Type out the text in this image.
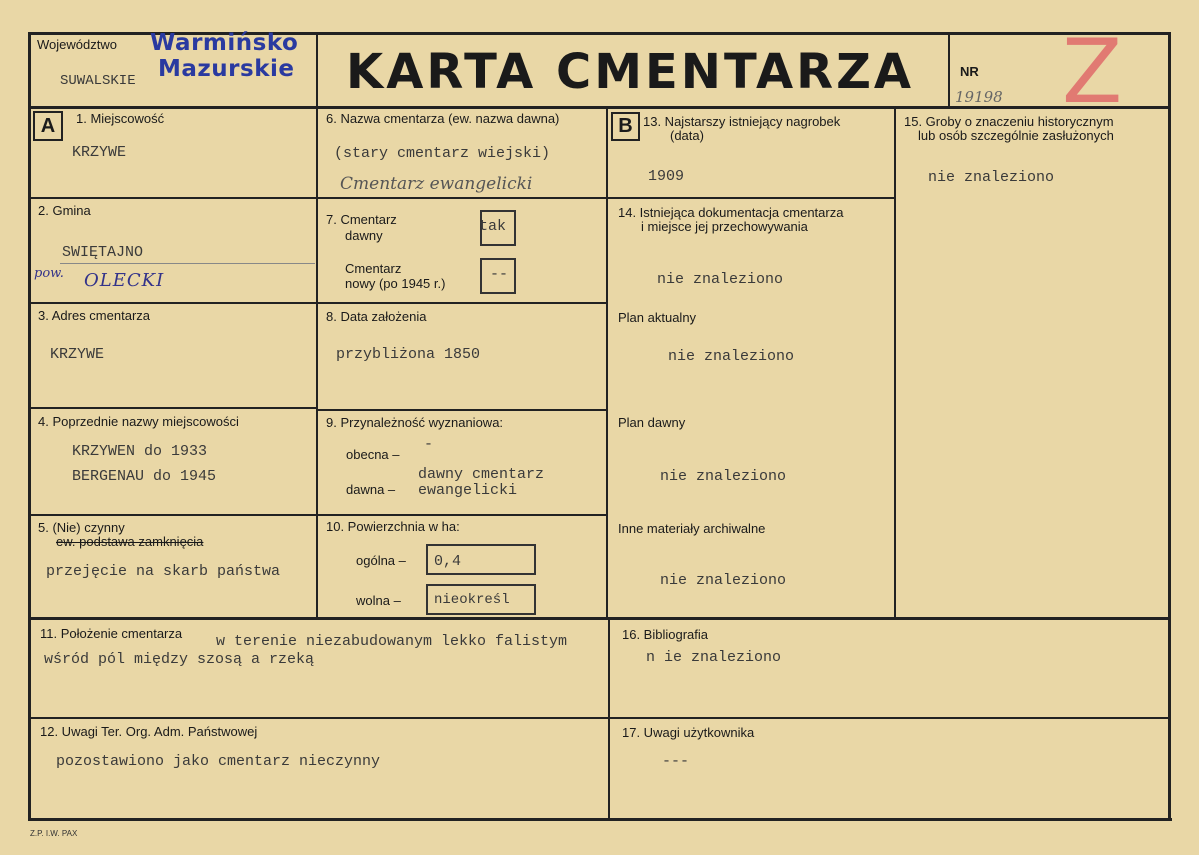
Województwo
SUWALSKIE
Warmińsko
Mazurskie KARTA CMENTARZA	NR
19198 Z
A	1. Miejscowość
KRZYWE
2. Gmina
SWIĘTAJNO
pow. OLECKI
3. Adres cmentarza
KRZYWE
4. Poprzednie nazwy miejscowości
KRZYWEN do 1933
BERGENAU do 1945
5. (Nie) czynny
ew. podstawa zamknięcia
przejęcie na skarb państwa
6. Nazwa cmentarza (ew. nazwa dawna)
(stary cmentarz wiejski)
Cmentarz ewangelicki
7. Cmentarz
dawny
tak
Cmentarz
nowy (po 1945 r.)
--
8. Data założenia
przybliżona 1850
9. Przynależność wyznaniowa:
obecna –
-
dawna –
dawny cmentarz
ewangelicki
10. Powierzchnia w ha:
ogólna – 0,4
wolna – nieokreśl
B 13. Najstarszy istniejący nagrobek
(data)
1909
14. Istniejąca dokumentacja cmentarza
i miejsce jej przechowywania
nie znaleziono
Plan aktualny
nie znaleziono
Plan dawny
nie znaleziono
Inne materiały archiwalne
nie znaleziono
15. Groby o znaczeniu historycznym
lub osób szczególnie zasłużonych
nie znaleziono
11. Położenie cmentarza w terenie niezabudowanym lekko falistym
wśród pól między szosą a rzeką
16. Bibliografia
n ie znaleziono
12. Uwagi Ter. Org. Adm. Państwowej
pozostawiono jako cmentarz nieczynny
17. Uwagi użytkownika
---
Z.P. I.W. PAX
